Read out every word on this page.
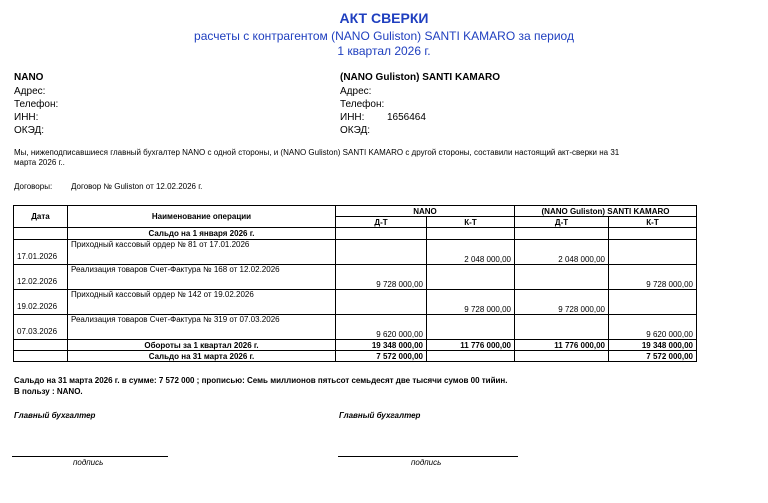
АКТ СВЕРКИ
расчеты с контрагентом (NANO Guliston) SANTI KAMARO за период
1 квартал 2026 г.
NANO
Адрес:
Телефон:
ИНН:
ОКЭД:
(NANO Guliston) SANTI KAMARO
Адрес:
Телефон:
ИНН: 1656464
ОКЭД:
Мы, нижеподписавшиеся главный бухгалтер NANO с одной стороны, и (NANO Guliston) SANTI KAMARO с другой стороны, составили настоящий акт-сверки на 31
марта 2026 г..
Договоры: Договор № Guliston от 12.02.2026 г.
Дата	Наименование операции	NANO		(NANO Guliston) SANTI KAMARO	
		Д-Т	К-Т	Д-Т	К-Т
	Сальдо на 1 января 2026 г.				
17.01.2026	Приходный кассовый ордер № 81 от 17.01.2026		2 048 000,00	2 048 000,00	
12.02.2026	Реализация товаров Счет-Фактура № 168 от 12.02.2026	9 728 000,00			9 728 000,00
19.02.2026	Приходный кассовый ордер № 142 от 19.02.2026		9 728 000,00	9 728 000,00	
07.03.2026	Реализация товаров Счет-Фактура № 319 от 07.03.2026	9 620 000,00			9 620 000,00
	Обороты за 1 квартал 2026 г.	19 348 000,00	11 776 000,00	11 776 000,00	19 348 000,00
	Сальдо на 31 марта 2026 г.	7 572 000,00			7 572 000,00
Сальдо на 31 марта 2026 г. в сумме: 7 572 000 ; прописью: Семь миллионов пятьсот семьдесят две тысячи сумов 00 тийин.
В пользу : NANO.
Главный бухгалтер	Главный бухгалтер
подпись	подпись
